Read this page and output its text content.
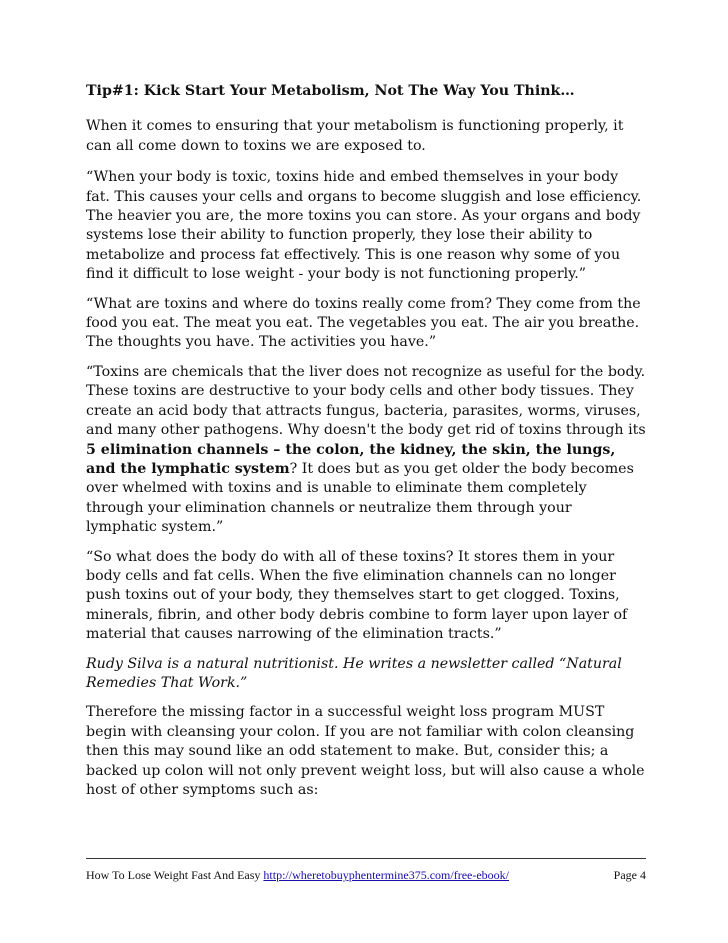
Tip#1: Kick Start Your Metabolism, Not The Way You Think…

When it comes to ensuring that your metabolism is functioning properly, it can all come down to toxins we are exposed to.

“When your body is toxic, toxins hide and embed themselves in your body fat. This causes your cells and organs to become sluggish and lose efficiency. The heavier you are, the more toxins you can store. As your organs and body systems lose their ability to function properly, they lose their ability to metabolize and process fat effectively. This is one reason why some of you find it difficult to lose weight - your body is not functioning properly.”

“What are toxins and where do toxins really come from? They come from the food you eat. The meat you eat. The vegetables you eat. The air you breathe. The thoughts you have. The activities you have.”

“Toxins are chemicals that the liver does not recognize as useful for the body. These toxins are destructive to your body cells and other body tissues. They create an acid body that attracts fungus, bacteria, parasites, worms, viruses, and many other pathogens. Why doesn't the body get rid of toxins through its 5 elimination channels – the colon, the kidney, the skin, the lungs, and the lymphatic system? It does but as you get older the body becomes over whelmed with toxins and is unable to eliminate them completely through your elimination channels or neutralize them through your lymphatic system.”

“So what does the body do with all of these toxins? It stores them in your body cells and fat cells. When the five elimination channels can no longer push toxins out of your body, they themselves start to get clogged. Toxins, minerals, fibrin, and other body debris combine to form layer upon layer of material that causes narrowing of the elimination tracts.”

Rudy Silva is a natural nutritionist. He writes a newsletter called “Natural Remedies That Work.”

Therefore the missing factor in a successful weight loss program MUST begin with cleansing your colon. If you are not familiar with colon cleansing then this may sound like an odd statement to make. But, consider this; a backed up colon will not only prevent weight loss, but will also cause a whole host of other symptoms such as:

How To Lose Weight Fast And Easy http://wheretobuyphentermine375.com/free-ebook/	Page 4
